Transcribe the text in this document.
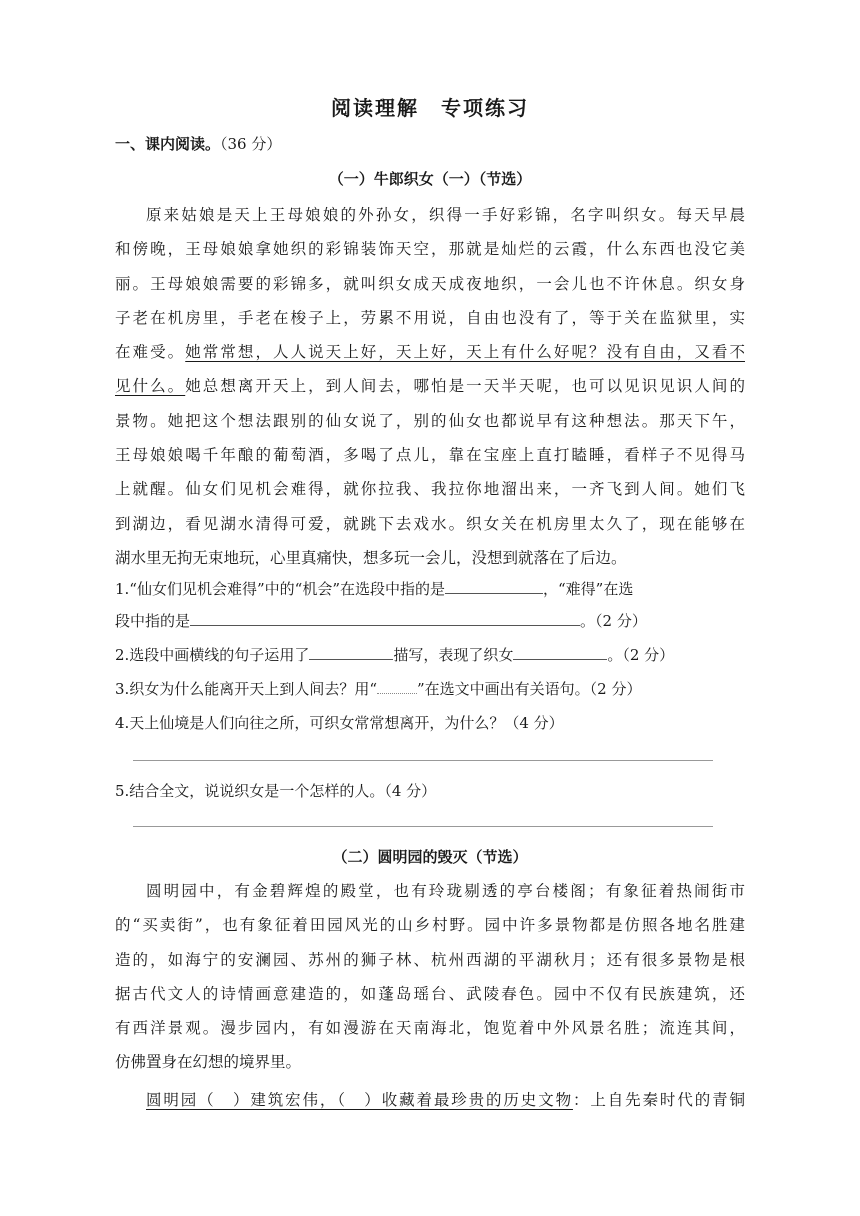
阅读理解　专项练习
一、课内阅读。（36 分）
（一）牛郎织女（一）（节选）
原来姑娘是天上王母娘娘的外孙女，织得一手好彩锦，名字叫织女。每天早晨
和傍晚，王母娘娘拿她织的彩锦装饰天空，那就是灿烂的云霞，什么东西也没它美
丽。王母娘娘需要的彩锦多，就叫织女成天成夜地织，一会儿也不许休息。织女身
子老在机房里，手老在梭子上，劳累不用说，自由也没有了，等于关在监狱里，实
在难受。她常常想，人人说天上好，天上好，天上有什么好呢？没有自由，又看不
见什么。她总想离开天上，到人间去，哪怕是一天半天呢，也可以见识见识人间的
景物。她把这个想法跟别的仙女说了，别的仙女也都说早有这种想法。那天下午，
王母娘娘喝千年酿的葡萄酒，多喝了点儿，靠在宝座上直打瞌睡，看样子不见得马
上就醒。仙女们见机会难得，就你拉我、我拉你地溜出来，一齐飞到人间。她们飞
到湖边，看见湖水清得可爱，就跳下去戏水。织女关在机房里太久了，现在能够在
湖水里无拘无束地玩，心里真痛快，想多玩一会儿，没想到就落在了后边。
1.“仙女们见机会难得”中的“机会”在选段中指的是	，“难得”在选
段中指的是	。（2 分）
2.选段中画横线的句子运用了	描写，表现了织女	。（2 分）
3.织女为什么能离开天上到人间去？用“	”在选文中画出有关语句。（2 分）
4.天上仙境是人们向往之所，可织女常常想离开，为什么？（4 分）
5.结合全文，说说织女是一个怎样的人。（4 分）
（二）圆明园的毁灭（节选）
圆明园中，有金碧辉煌的殿堂，也有玲珑剔透的亭台楼阁；有象征着热闹街市
的“买卖街”，也有象征着田园风光的山乡村野。园中许多景物都是仿照各地名胜建
造的，如海宁的安澜园、苏州的狮子林、杭州西湖的平湖秋月；还有很多景物是根
据古代文人的诗情画意建造的，如蓬岛瑶台、武陵春色。园中不仅有民族建筑，还
有西洋景观。漫步园内，有如漫游在天南海北，饱览着中外风景名胜；流连其间，
仿佛置身在幻想的境界里。
圆明园（　）建筑宏伟，（　）收藏着最珍贵的历史文物：上自先秦时代的青铜
